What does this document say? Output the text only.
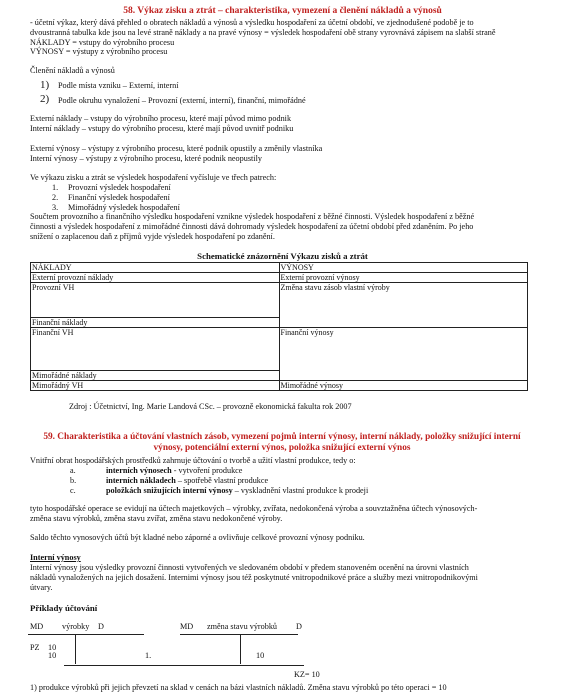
58. Výkaz zisku a ztrát – charakteristika, vymezení a členění nákladů a výnosů
- účetní výkaz, který dává přehled o obratech nákladů a výnosů a výsledku hospodaření za účetní období, ve zjednodušené podobě je to
dvoustranná tabulka kde jsou na levé straně náklady a na pravé výnosy = výsledek hospodaření obě strany vyrovnává zápisem na slabší straně
NÁKLADY = vstupy do výrobního procesu
VÝNOSY = výstupy z výrobního procesu
Členění nákladů a výnosů
1) Podle místa vzniku – Externí, interní
2) Podle okruhu vynaložení – Provozní (externí, interní), finanční, mimořádné
Externí náklady – vstupy do výrobního procesu, které mají původ mimo podnik
Interní náklady – vstupy do výrobního procesu, které mají původ uvnitř podniku
Externí výnosy – výstupy z výrobního procesu, které podnik opustily a změnily vlastníka
Interní výnosy – výstupy z výrobního procesu, které podnik neopustily
Ve výkazu zisku a ztrát se výsledek hospodaření vyčísluje ve třech patrech:
1. Provozní výsledek hospodaření
2. Finanční výsledek hospodaření
3. Mimořádný výsledek hospodaření
Součtem provozního a finančního výsledku hospodaření vznikne výsledek hospodaření z běžné činnosti. Výsledek hospodaření z běžné
činnosti a výsledek hospodaření z mimořádné činnosti dává dohromady výsledek hospodaření za účetní období před zdaněním. Po jeho
snížení o zaplacenou daň z příjmů vyjde výsledek hospodaření po zdanění.
Schematické znázornění Výkazu zisků a ztrát
NÁKLADY	VÝNOSY
Externí provozní náklady	Externí provozní výnosy
Provozní VH	Změna stavu zásob vlastní výroby
Finanční náklady	
Finanční VH	Finanční výnosy
Mimořádné náklady	
Mimořádný VH	Mimořádné výnosy
Zdroj : Účetnictví, Ing. Marie Landová CSc. – provozně ekonomická fakulta rok 2007
59. Charakteristika a účtování vlastních zásob, vymezení pojmů interní výnosy, interní náklady, položky snižující interní
výnosy, potenciální externí výnos, položka snižující externí výnos
Vnitřní obrat hospodářských prostředků zahrnuje účtování o tvorbě a užití vlastní produkce, tedy o:
a.	interních výnosech - vytvoření produkce
b.	interních nákladech – spotřebě vlastní produkce
c.	položkách snižujících interní výnosy – vyskladnění vlastní produkce k prodeji
tyto hospodářské operace se evidují na účtech majetkových – výrobky, zvířata, nedokončená výroba a souvztažněna účtech výnosových-
změna stavu výrobků, změna stavu zvířat, změna stavu nedokončené výroby.
Saldo těchto vynosových účtů být kladné nebo záporné a ovlivňuje celkové provozní výnosy podniku.
Interní výnosy
Interní výnosy jsou výsledky provozní činnosti vytvořených ve sledovaném období v předem stanoveném ocenění na úrovni vlastních
nákladů vynaložených na jejich dosažení. Internimi výnosy jsou též poskytnuté vnitropodnikové práce a služby mezi vnitropodnikovými
útvary.
Příklady účtování
MD výrobky D	MD změna stavu výrobků D
PZ 10
10	1.	10
KZ= 10
1) produkce výrobků při jejich převzetí na sklad v cenách na bázi vlastních nákladů. Změna stavu výrobků po této operaci = 10
